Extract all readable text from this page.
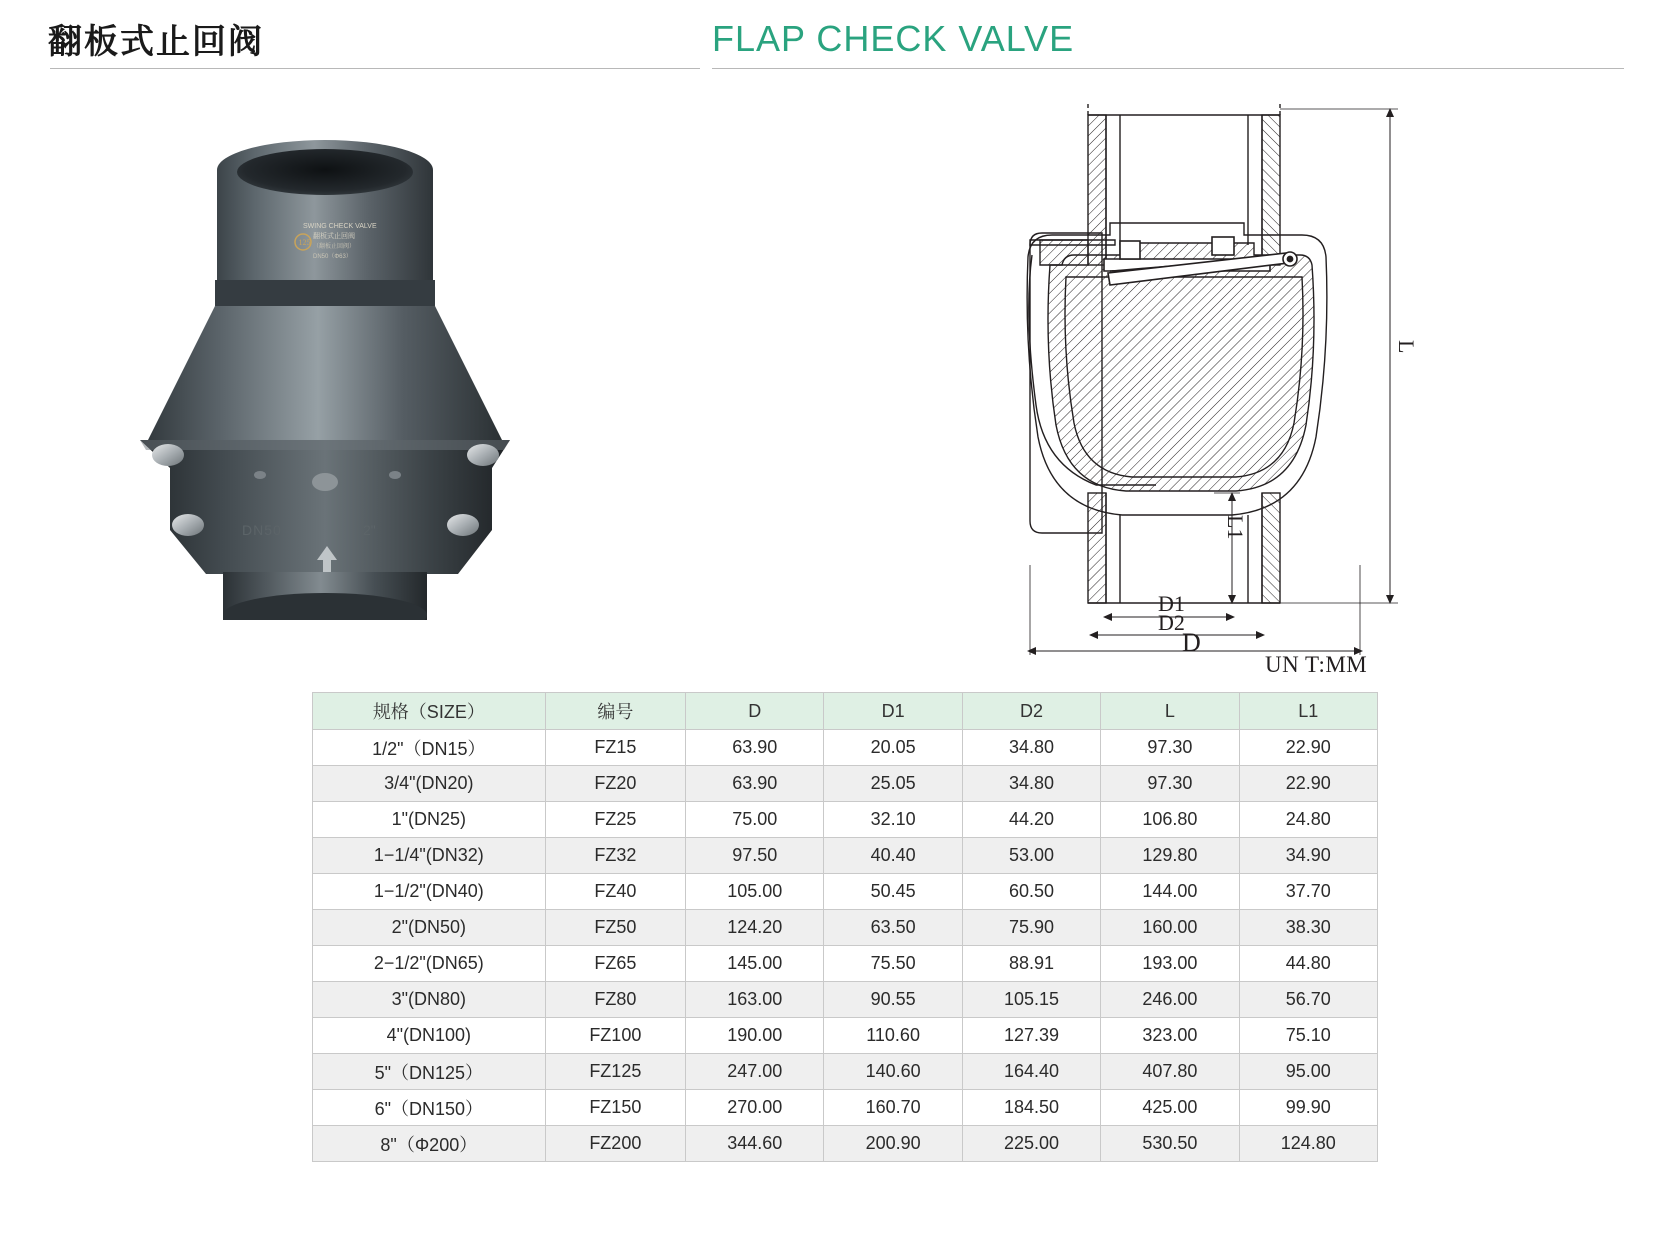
翻板式止回阀	FLAP CHECK VALVE
SWING CHECK VALVE
翻板式止回阀
（翻板止回阀）
DN50（Φ63）
125
DN50	2"
L
L1
D1
D2
D
UN T:MM
规格（SIZE）	编号	D	D1	D2	L	L1
1/2"（DN15）	FZ15	63.90	20.05	34.80	97.30	22.90
3/4"(DN20)	FZ20	63.90	25.05	34.80	97.30	22.90
1"(DN25)	FZ25	75.00	32.10	44.20	106.80	24.80
1−1/4"(DN32)	FZ32	97.50	40.40	53.00	129.80	34.90
1−1/2"(DN40)	FZ40	105.00	50.45	60.50	144.00	37.70
2"(DN50)	FZ50	124.20	63.50	75.90	160.00	38.30
2−1/2"(DN65)	FZ65	145.00	75.50	88.91	193.00	44.80
3"(DN80)	FZ80	163.00	90.55	105.15	246.00	56.70
4"(DN100)	FZ100	190.00	110.60	127.39	323.00	75.10
5"（DN125）	FZ125	247.00	140.60	164.40	407.80	95.00
6"（DN150）	FZ150	270.00	160.70	184.50	425.00	99.90
8"（Φ200）	FZ200	344.60	200.90	225.00	530.50	124.80
